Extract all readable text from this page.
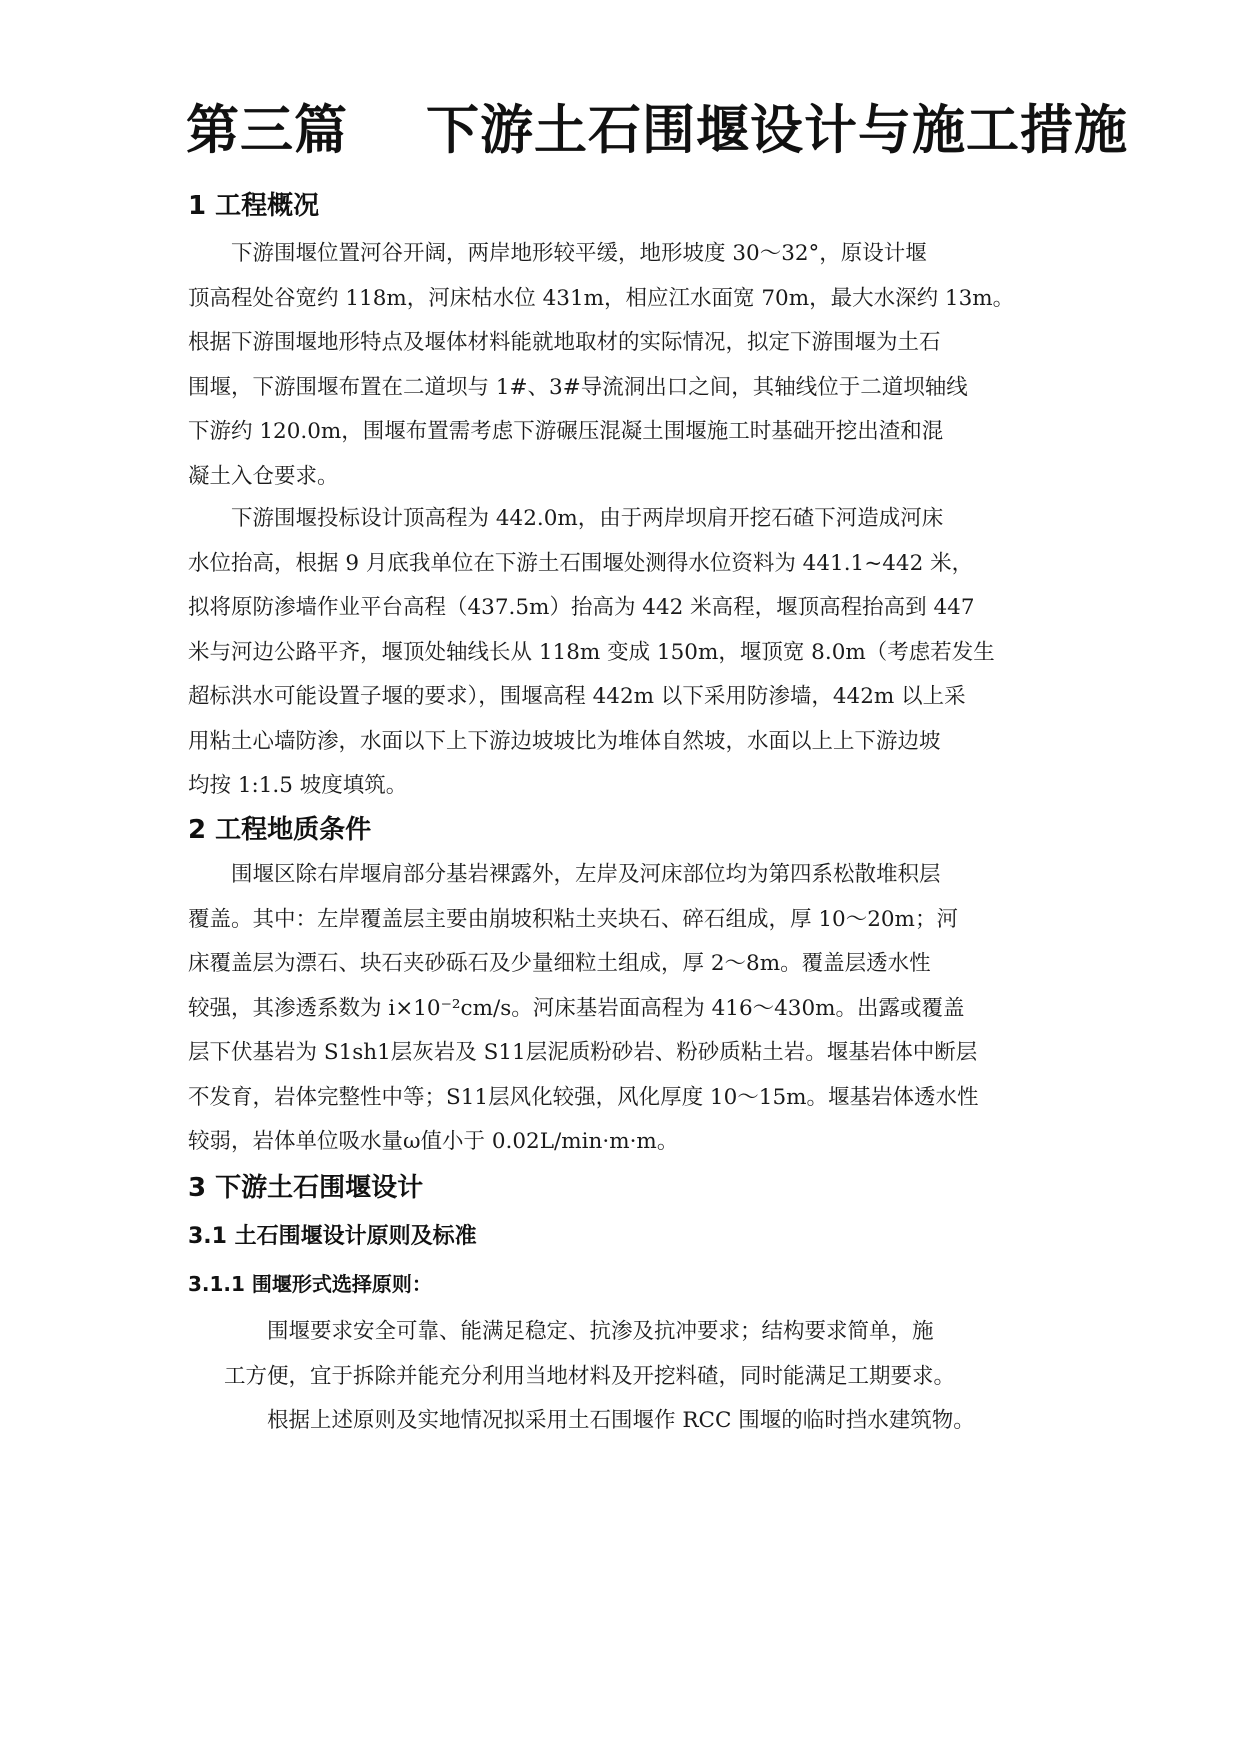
第三篇 下游土石围堰设计与施工措施
1 工程概况

下游围堰位置河谷开阔，两岸地形较平缓，地形坡度 30～32°，原设计堰
顶高程处谷宽约 118m，河床枯水位 431m，相应江水面宽 70m，最大水深约 13m。
根据下游围堰地形特点及堰体材料能就地取材的实际情况，拟定下游围堰为土石
围堰，下游围堰布置在二道坝与 1#、3#导流洞出口之间，其轴线位于二道坝轴线
下游约 120.0m，围堰布置需考虑下游碾压混凝土围堰施工时基础开挖出渣和混
凝土入仓要求。

下游围堰投标设计顶高程为 442.0m，由于两岸坝肩开挖石碴下河造成河床
水位抬高，根据 9 月底我单位在下游土石围堰处测得水位资料为 441.1~442 米，
拟将原防渗墙作业平台高程（437.5m）抬高为 442 米高程，堰顶高程抬高到 447
米与河边公路平齐，堰顶处轴线长从 118m 变成 150m，堰顶宽 8.0m（考虑若发生
超标洪水可能设置子堰的要求），围堰高程 442m 以下采用防渗墙，442m 以上采
用粘土心墙防渗，水面以下上下游边坡坡比为堆体自然坡，水面以上上下游边坡
均按 1:1.5 坡度填筑。

2 工程地质条件

围堰区除右岸堰肩部分基岩裸露外，左岸及河床部位均为第四系松散堆积层
覆盖。其中：左岸覆盖层主要由崩坡积粘土夹块石、碎石组成，厚 10～20m；河
床覆盖层为漂石、块石夹砂砾石及少量细粒土组成，厚 2～8m。覆盖层透水性
较强，其渗透系数为 i×10⁻²cm/s。河床基岩面高程为 416～430m。出露或覆盖
层下伏基岩为 S1sh1层灰岩及 S11层泥质粉砂岩、粉砂质粘土岩。堰基岩体中断层
不发育，岩体完整性中等；S11层风化较强，风化厚度 10～15m。堰基岩体透水性
较弱，岩体单位吸水量ω值小于 0.02L/min·m·m。

3 下游土石围堰设计
3.1 土石围堰设计原则及标准
3.1.1 围堰形式选择原则：

围堰要求安全可靠、能满足稳定、抗渗及抗冲要求；结构要求简单，施
工方便，宜于拆除并能充分利用当地材料及开挖料碴，同时能满足工期要求。

根据上述原则及实地情况拟采用土石围堰作 RCC 围堰的临时挡水建筑物。
